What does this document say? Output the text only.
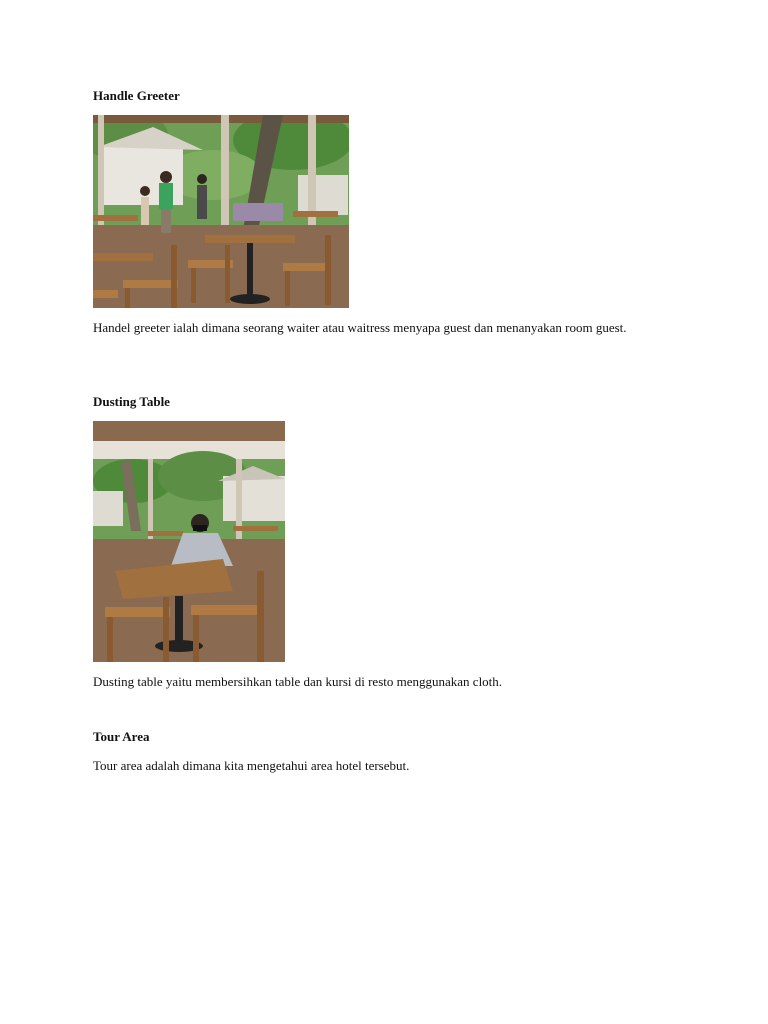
Handle Greeter

Handel greeter ialah dimana seorang waiter atau waitress menyapa guest dan menanyakan room guest.

Dusting Table

Dusting table yaitu membersihkan table dan kursi di resto menggunakan cloth.

Tour Area

Tour area adalah dimana kita mengetahui area hotel tersebut.
